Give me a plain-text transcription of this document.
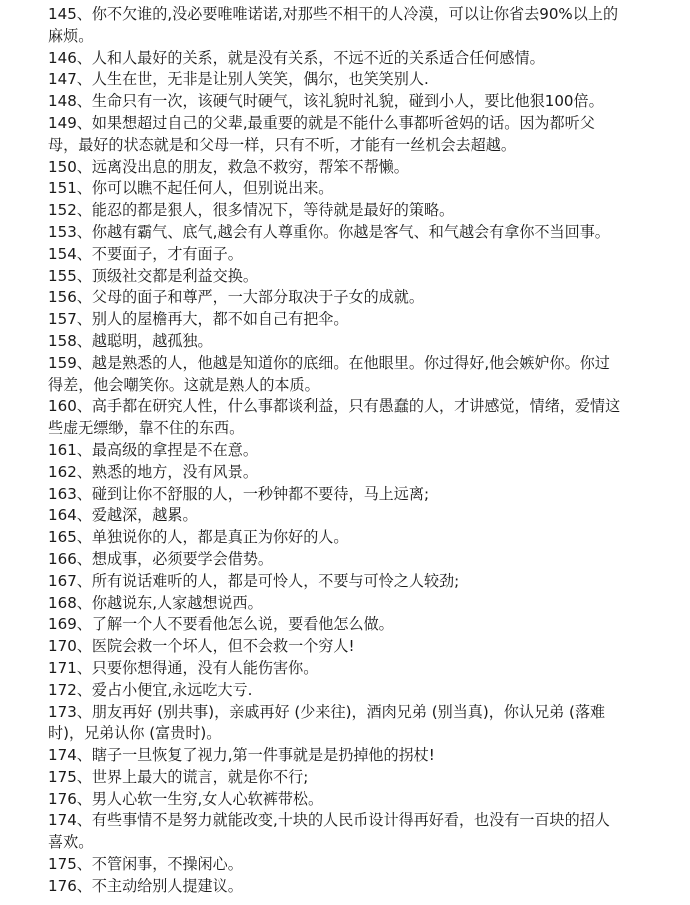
145、你不欠谁的,没必要唯唯诺诺,对那些不相干的人冷漠，可以让你省去90%以上的
麻烦。
146、人和人最好的关系，就是没有关系，不远不近的关系适合任何感情。
147、人生在世，无非是让别人笑笑，偶尔，也笑笑别人.
148、生命只有一次，该硬气时硬气，该礼貌时礼貌，碰到小人，要比他狠100倍。
149、如果想超过自己的父辈,最重要的就是不能什么事都听爸妈的话。因为都听父
母，最好的状态就是和父母一样，只有不听，才能有一丝机会去超越。
150、远离没出息的朋友，救急不救穷，帮笨不帮懒。
151、你可以瞧不起任何人，但别说出来。
152、能忍的都是狠人，很多情况下，等待就是最好的策略。
153、你越有霸气、底气,越会有人尊重你。你越是客气、和气越会有拿你不当回事。
154、不要面子，才有面子。
155、顶级社交都是利益交换。
156、父母的面子和尊严，一大部分取决于子女的成就。
157、别人的屋檐再大，都不如自己有把伞。
158、越聪明，越孤独。
159、越是熟悉的人，他越是知道你的底细。在他眼里。你过得好,他会嫉妒你。你过
得差，他会嘲笑你。这就是熟人的本质。
160、高手都在研究人性，什么事都谈利益，只有愚蠢的人，才讲感觉，情绪，爱情这
些虚无缥缈，靠不住的东西。
161、最高级的拿捏是不在意。
162、熟悉的地方，没有风景。
163、碰到让你不舒服的人，一秒钟都不要待，马上远离;
164、爱越深，越累。
165、单独说你的人，都是真正为你好的人。
166、想成事，必须要学会借势。
167、所有说话难听的人，都是可怜人，不要与可怜之人较劲;
168、你越说东,人家越想说西。
169、了解一个人不要看他怎么说，要看他怎么做。
170、医院会救一个坏人，但不会救一个穷人!
171、只要你想得通，没有人能伤害你。
172、爱占小便宜,永远吃大亏.
173、朋友再好 (别共事)，亲戚再好 (少来往)，酒肉兄弟 (别当真)，你认兄弟 (落难
时)，兄弟认你 (富贵时)。
174、瞎子一旦恢复了视力,第一件事就是是扔掉他的拐杖!
175、世界上最大的谎言，就是你不行;
176、男人心软一生穷,女人心软裤带松。
174、有些事情不是努力就能改变,十块的人民币设计得再好看，也没有一百块的招人
喜欢。
175、不管闲事，不操闲心。
176、不主动给别人提建议。
